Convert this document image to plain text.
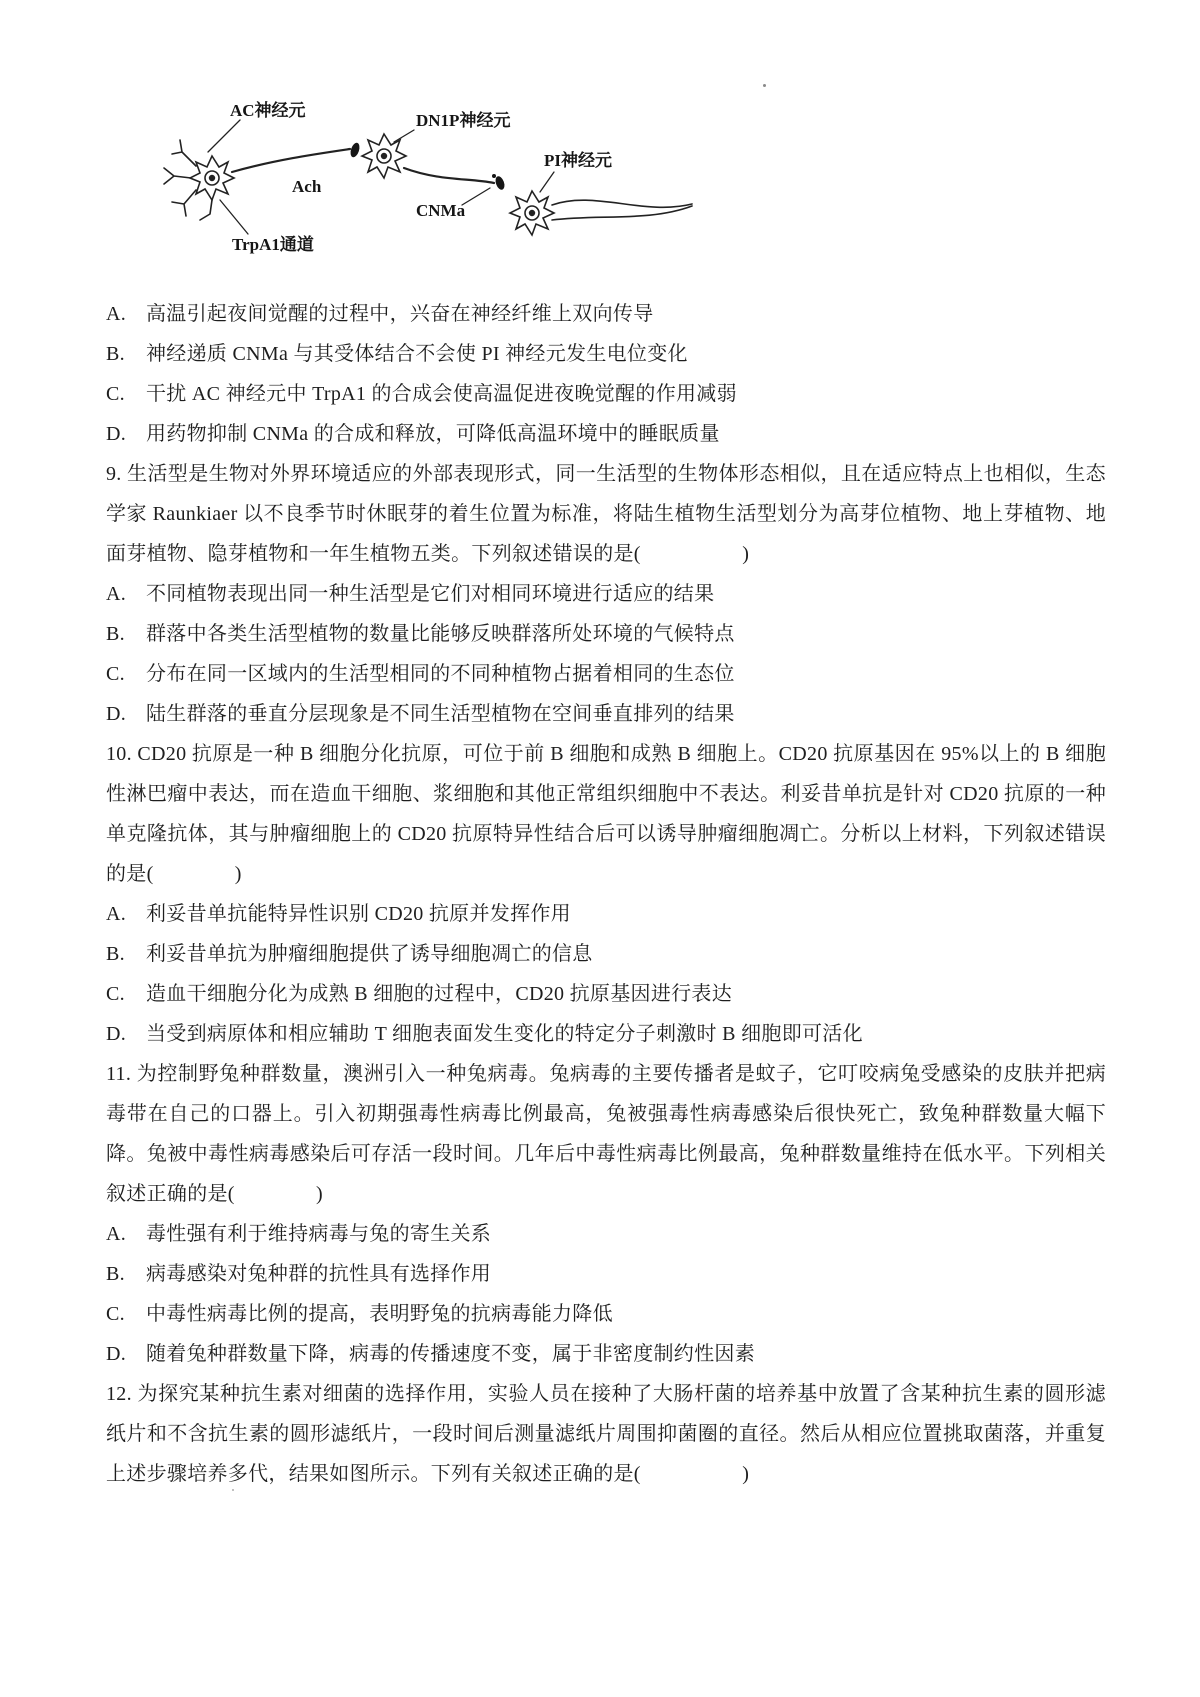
AC神经元
DN1P神经元
PI神经元
Ach
CNMa
TrpA1通道
A. 高温引起夜间觉醒的过程中，兴奋在神经纤维上双向传导
B.	神经递质 CNMa 与其受体结合不会使 PI 神经元发生电位变化
C.	干扰 AC 神经元中 TrpA1 的合成会使高温促进夜晚觉醒的作用减弱
D. 用药物抑制 CNMa 的合成和释放，可降低高温环境中的睡眠质量

9. 生活型是生物对外界环境适应的外部表现形式，同一生活型的生物体形态相似，且在适应特点上也相似，生态学家 Raunkiaer 以不良季节时休眠芽的着生位置为标准，将陆生植物生活型划分为高芽位植物、地上芽植物、地面芽植物、隐芽植物和一年生植物五类。下列叙述错误的是(　　　　　)

A. 不同植物表现出同一种生活型是它们对相同环境进行适应的结果
B.	群落中各类生活型植物的数量比能够反映群落所处环境的气候特点
C.	分布在同一区域内的生活型相同的不同种植物占据着相同的生态位
D. 陆生群落的垂直分层现象是不同生活型植物在空间垂直排列的结果

10. CD20 抗原是一种 B 细胞分化抗原，可位于前 B 细胞和成熟 B 细胞上。CD20 抗原基因在 95%以上的 B 细胞性淋巴瘤中表达，而在造血干细胞、浆细胞和其他正常组织细胞中不表达。利妥昔单抗是针对 CD20 抗原的一种单克隆抗体，其与肿瘤细胞上的 CD20 抗原特异性结合后可以诱导肿瘤细胞凋亡。分析以上材料，下列叙述错误的是(　　　　)

A. 利妥昔单抗能特异性识别 CD20 抗原并发挥作用
B.	利妥昔单抗为肿瘤细胞提供了诱导细胞凋亡的信息
C.	造血干细胞分化为成熟 B 细胞的过程中，CD20 抗原基因进行表达
D. 当受到病原体和相应辅助 T 细胞表面发生变化的特定分子刺激时 B 细胞即可活化

11. 为控制野兔种群数量，澳洲引入一种兔病毒。兔病毒的主要传播者是蚊子，它叮咬病兔受感染的皮肤并把病毒带在自己的口器上。引入初期强毒性病毒比例最高，兔被强毒性病毒感染后很快死亡，致兔种群数量大幅下降。兔被中毒性病毒感染后可存活一段时间。几年后中毒性病毒比例最高，兔种群数量维持在低水平。下列相关叙述正确的是(　　　　)

A. 毒性强有利于维持病毒与兔的寄生关系
B.	病毒感染对兔种群的抗性具有选择作用
C.	中毒性病毒比例的提高，表明野兔的抗病毒能力降低
D. 随着兔种群数量下降，病毒的传播速度不变，属于非密度制约性因素

12. 为探究某种抗生素对细菌的选择作用，实验人员在接种了大肠杆菌的培养基中放置了含某种抗生素的圆形滤纸片和不含抗生素的圆形滤纸片，一段时间后测量滤纸片周围抑菌圈的直径。然后从相应位置挑取菌落，并重复上述步骤培养多代，结果如图所示。下列有关叙述正确的是(　　　　　)
